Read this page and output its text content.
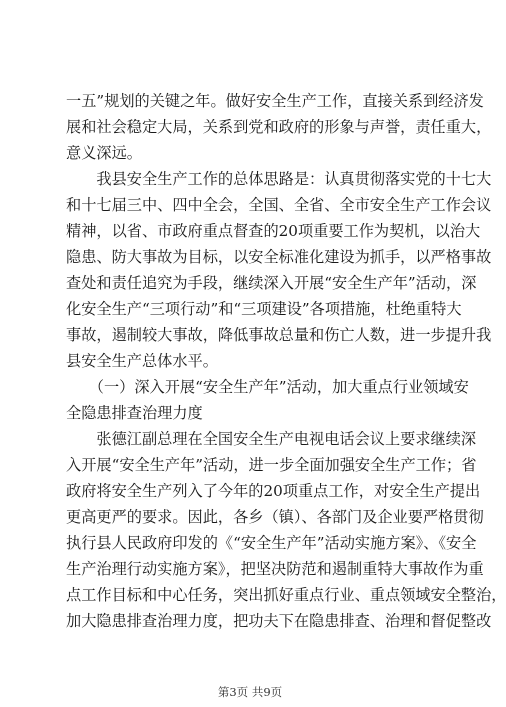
一五”规划的关键之年。做好安全生产工作，直接关系到经济发
展和社会稳定大局，关系到党和政府的形象与声誉，责任重大，
意义深远。
　　我县安全生产工作的总体思路是：认真贯彻落实党的十七大
和十七届三中、四中全会，全国、全省、全市安全生产工作会议
精神，以省、市政府重点督查的20项重要工作为契机，以治大
隐患、防大事故为目标，以安全标准化建设为抓手，以严格事故
查处和责任追究为手段，继续深入开展“安全生产年”活动，深
化安全生产“三项行动”和“三项建设”各项措施，杜绝重特大
事故，遏制较大事故，降低事故总量和伤亡人数，进一步提升我
县安全生产总体水平。
　　（一）深入开展“安全生产年”活动，加大重点行业领域安
全隐患排查治理力度
　　张德江副总理在全国安全生产电视电话会议上要求继续深
入开展“安全生产年”活动，进一步全面加强安全生产工作；省
政府将安全生产列入了今年的20项重点工作，对安全生产提出
更高更严的要求。因此，各乡（镇）、各部门及企业要严格贯彻
执行县人民政府印发的《“安全生产年”活动实施方案》、《安全
生产治理行动实施方案》，把坚决防范和遏制重特大事故作为重
点工作目标和中心任务，突出抓好重点行业、重点领域安全整治，
加大隐患排查治理力度，把功夫下在隐患排查、治理和督促整改
第3页 共9页
